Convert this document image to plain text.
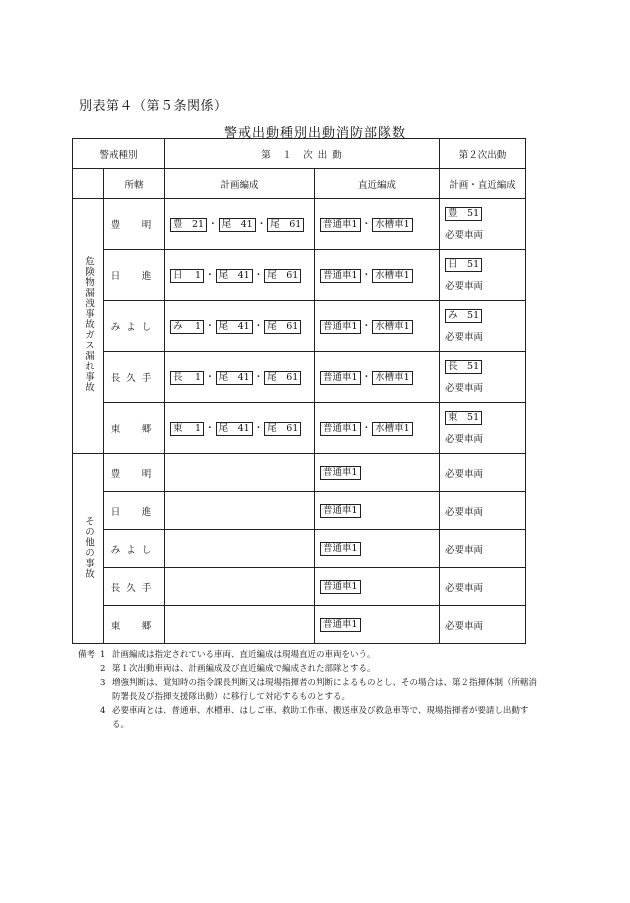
別表第４（第５条関係）
警戒出動種別出動消防部隊数
警戒種別		第　１　次 出 動		第２次出動
	所轄	計画編成	直近編成	計画・直近編成
危険物漏洩事故ガス漏れ事故	豊　明	豊　21 ・ 尾　41 ・ 尾　61	普通車1 ・ 水槽車1	豊　51
必要車両

	日　進	日　 1 ・ 尾　41 ・ 尾　61	普通車1 ・ 水槽車1	日　51
必要車両

	みよし	み　 1 ・ 尾　41 ・ 尾　61	普通車1 ・ 水槽車1	み　51
必要車両

	長久手	長　 1 ・ 尾　41 ・ 尾　61	普通車1 ・ 水槽車1	長　51
必要車両

	東　郷	東　 1 ・ 尾　41 ・ 尾　61	普通車1 ・ 水槽車1	東　51
必要車両

その他の事故	豊　明		普通車1	必要車両
	日　進		普通車1	必要車両
	みよし		普通車1	必要車両
	長久手		普通車1	必要車両
	東　郷		普通車1	必要車両
備考 1 計画編成は指定されている車両、直近編成は現場直近の車両をいう。
2 第１次出動車両は、計画編成及び直近編成で編成された部隊とする。
3 増強判断は、覚知時の指令課長判断又は現場指揮者の判断によるものとし、その場合は、第２指揮体制（所轄消防署長及び指揮支援隊出動）に移行して対応するものとする。
4 必要車両とは、普通車、水槽車、はしご車、救助工作車、搬送車及び救急車等で、現場指揮者が要請し出動する。
